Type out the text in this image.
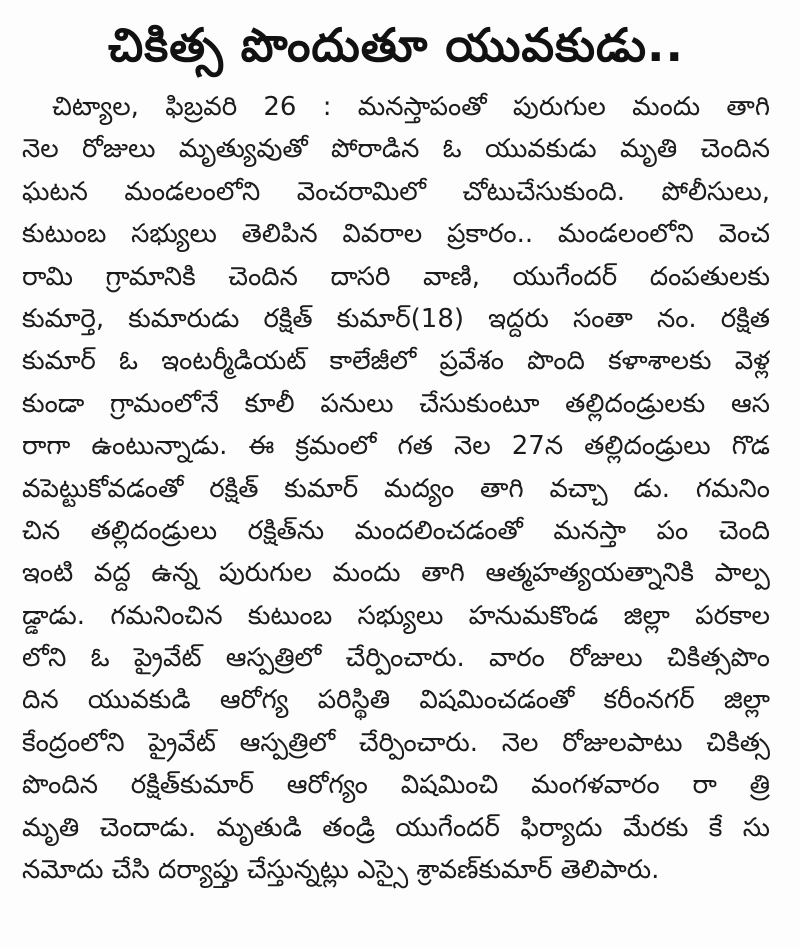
చికిత్స పొందుతూ యువకుడు..
చిట్యాల, ఫిబ్రవరి 26 : మనస్తాపంతో పురుగుల మందు తాగి
నెల రోజులు మృత్యువుతో పోరాడిన ఓ యువకుడు మృతి చెందిన
ఘటన మండలంలోని వెంచరామిలో చోటుచేసుకుంది. పోలీసులు,
కుటుంబ సభ్యులు తెలిపిన వివరాల ప్రకారం.. మండలంలోని వెంచ
రామి గ్రామానికి చెందిన దాసరి వాణి, యుగేందర్ దంపతులకు
కుమార్తె, కుమారుడు రక్షిత్ కుమార్(18) ఇద్దరు సంతా నం. రక్షిత
కుమార్ ఓ ఇంటర్మీడియట్ కాలేజీలో ప్రవేశం పొంది కళాశాలకు వెళ్ల
కుండా గ్రామంలోనే కూలీ పనులు చేసుకుంటూ తల్లిదండ్రులకు ఆస
రాగా ఉంటున్నాడు. ఈ క్రమంలో గత నెల 27న తల్లిదండ్రులు గొడ
వపెట్టుకోవడంతో రక్షిత్ కుమార్ మద్యం తాగి వచ్చా డు. గమనిం
చిన తల్లిదండ్రులు రక్షిత్‌ను మందలించడంతో మనస్తా పం చెంది
ఇంటి వద్ద ఉన్న పురుగుల మందు తాగి ఆత్మహత్యయత్నానికి పాల్ప
డ్డాడు. గమనించిన కుటుంబ సభ్యులు హనుమకొండ జిల్లా పరకాల
లోని ఓ ప్రైవేట్ ఆస్పత్రిలో చేర్పించారు. వారం రోజులు చికిత్సపొం
దిన యువకుడి ఆరోగ్య పరిస్థితి విషమించడంతో కరీంనగర్ జిల్లా
కేంద్రంలోని ప్రైవేట్ ఆస్పత్రిలో చేర్పించారు. నెల రోజులపాటు చికిత్స
పొందిన రక్షిత్‌కుమార్ ఆరోగ్యం విషమించి మంగళవారం రా త్రి
మృతి చెందాడు. మృతుడి తండ్రి యుగేందర్ ఫిర్యాదు మేరకు కే సు
నమోదు చేసి దర్యాప్తు చేస్తున్నట్లు ఎస్సై శ్రావణ్‌కుమార్ తెలిపారు.
